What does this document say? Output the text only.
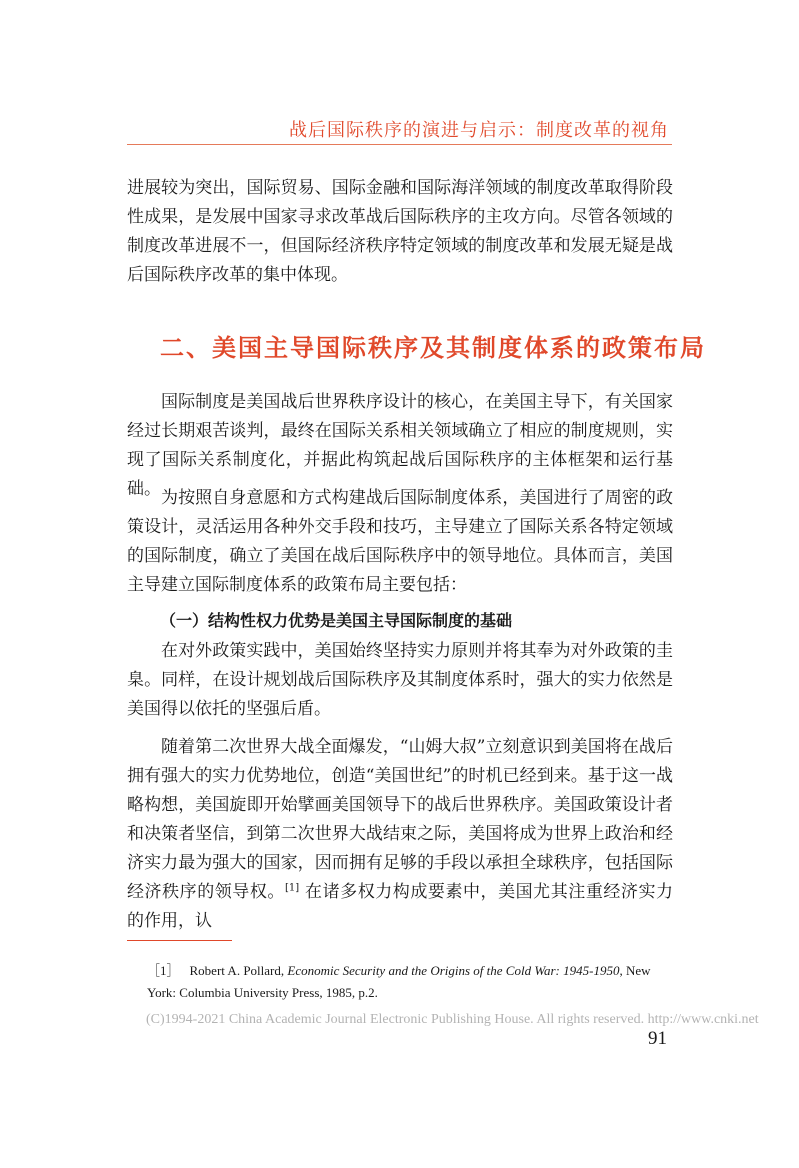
战后国际秩序的演进与启示：制度改革的视角

进展较为突出，国际贸易、国际金融和国际海洋领域的制度改革取得阶段性成果，是发展中国家寻求改革战后国际秩序的主攻方向。尽管各领域的制度改革进展不一，但国际经济秩序特定领域的制度改革和发展无疑是战后国际秩序改革的集中体现。

二、美国主导国际秩序及其制度体系的政策布局

国际制度是美国战后世界秩序设计的核心，在美国主导下，有关国家经过长期艰苦谈判，最终在国际关系相关领域确立了相应的制度规则，实现了国际关系制度化，并据此构筑起战后国际秩序的主体框架和运行基础。 为按照自身意愿和方式构建战后国际制度体系，美国进行了周密的政策设计，灵活运用各种外交手段和技巧，主导建立了国际关系各特定领域的国际制度，确立了美国在战后国际秩序中的领导地位。具体而言，美国主导建立国际制度体系的政策布局主要包括：

（一）结构性权力优势是美国主导国际制度的基础

在对外政策实践中，美国始终坚持实力原则并将其奉为对外政策的圭臬。同样，在设计规划战后国际秩序及其制度体系时，强大的实力依然是美国得以依托的坚强后盾。

随着第二次世界大战全面爆发，“山姆大叔”立刻意识到美国将在战后拥有强大的实力优势地位，创造“美国世纪”的时机已经到来。基于这一战略构想，美国旋即开始擘画美国领导下的战后世界秩序。美国政策设计者和决策者坚信，到第二次世界大战结束之际，美国将成为世界上政治和经济实力最为强大的国家，因而拥有足够的手段以承担全球秩序，包括国际经济秩序的领导权。[1] 在诸多权力构成要素中，美国尤其注重经济实力的作用，认

［1］ Robert A. Pollard, Economic Security and the Origins of the Cold War: 1945-1950, New York: Columbia University Press, 1985, p.2.
(C)1994-2021 China Academic Journal Electronic Publishing House. All rights reserved. http://www.cnki.net
91
